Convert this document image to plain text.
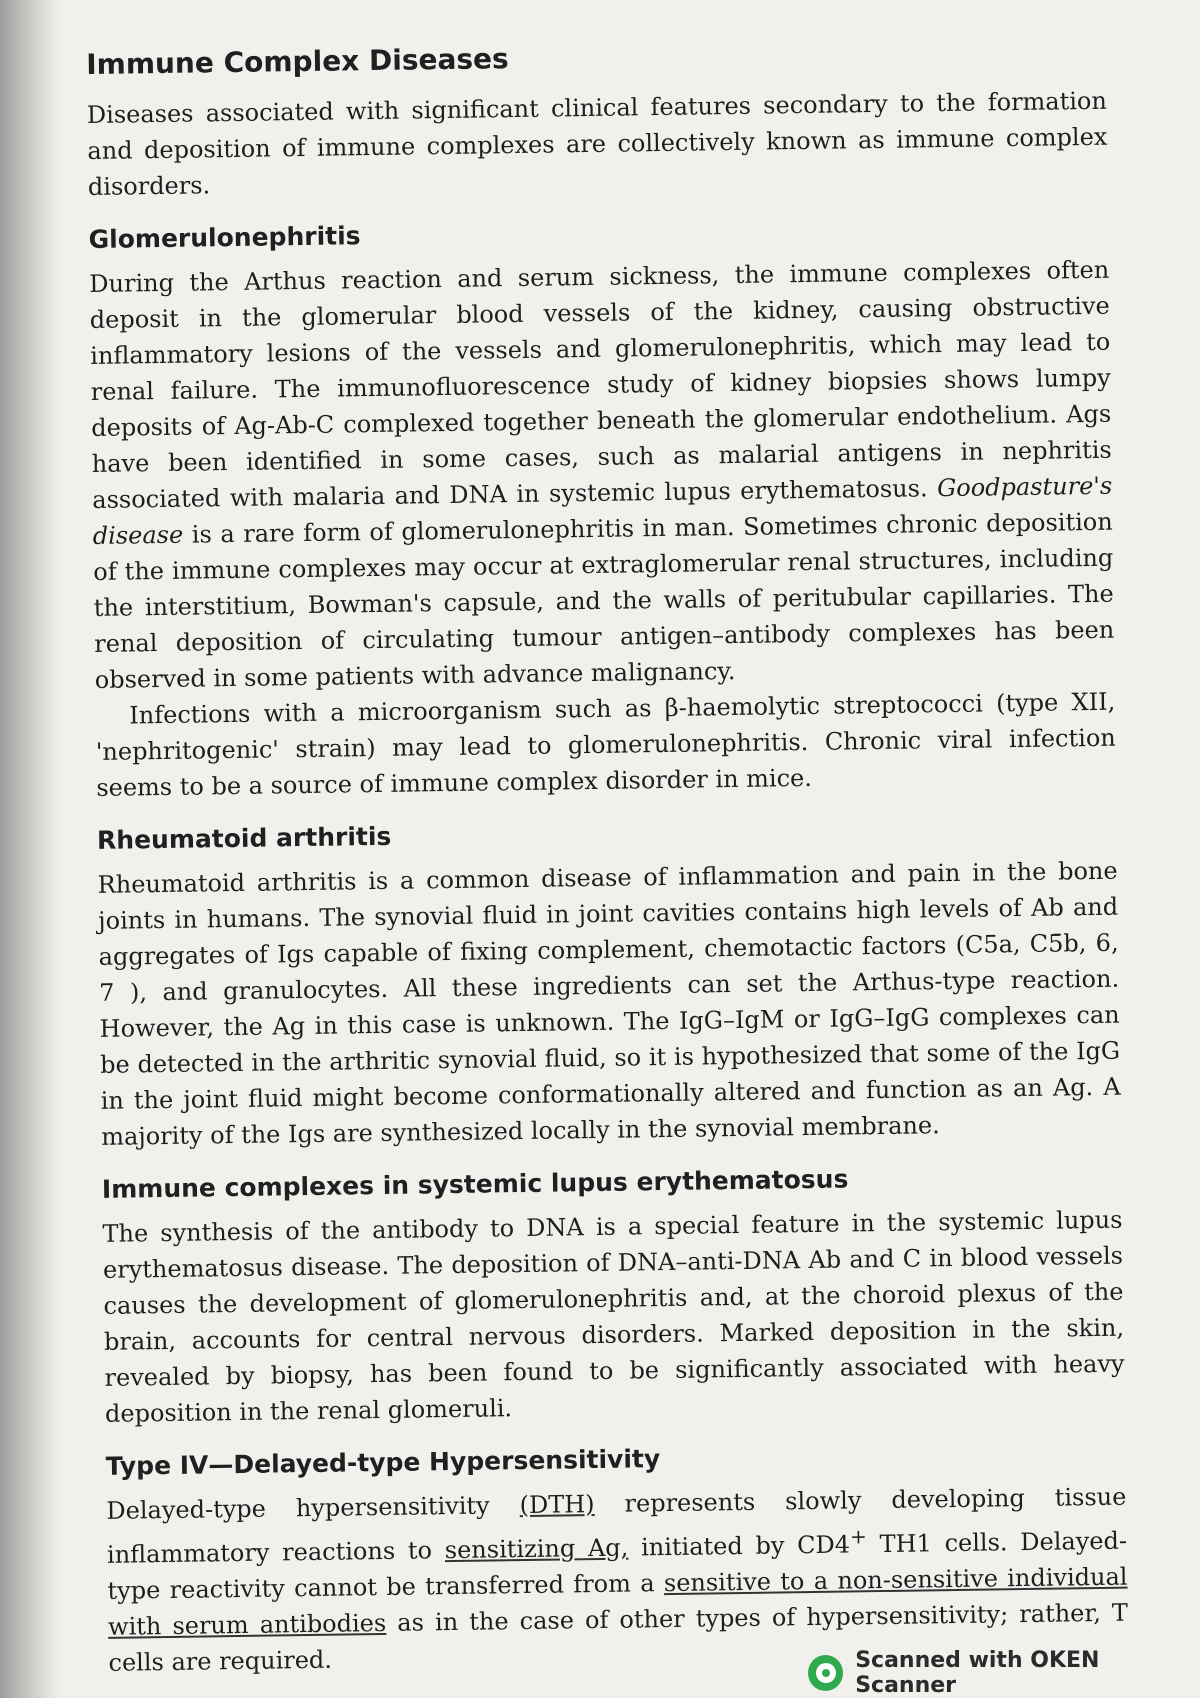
Immune Complex Diseases

Diseases associated with significant clinical features secondary to the formation and deposition of immune complexes are collectively known as immune complex disorders.

Glomerulonephritis

During the Arthus reaction and serum sickness, the immune complexes often deposit in the glomerular blood vessels of the kidney, causing obstructive inflammatory lesions of the vessels and glomerulonephritis, which may lead to renal failure. The immunofluorescence study of kidney biopsies shows lumpy deposits of Ag-Ab-C complexed together beneath the glomerular endothelium. Ags have been identified in some cases, such as malarial antigens in nephritis associated with malaria and DNA in systemic lupus erythematosus. Goodpasture's disease is a rare form of glomerulonephritis in man. Sometimes chronic deposition of the immune complexes may occur at extraglomerular renal structures, including the interstitium, Bowman's capsule, and the walls of peritubular capillaries. The renal deposition of circulating tumour antigen–antibody complexes has been observed in some patients with advance malignancy.

Infections with a microorganism such as β-haemolytic streptococci (type XII, 'nephritogenic' strain) may lead to glomerulonephritis. Chronic viral infection seems to be a source of immune complex disorder in mice.

Rheumatoid arthritis

Rheumatoid arthritis is a common disease of inflammation and pain in the bone joints in humans. The synovial fluid in joint cavities contains high levels of Ab and aggregates of Igs capable of fixing complement, chemotactic factors (C5a, C5̄b, 6, 7 ), and granulocytes. All these ingredients can set the Arthus-type reaction. However, the Ag in this case is unknown. The IgG–IgM or IgG–IgG complexes can be detected in the arthritic synovial fluid, so it is hypothesized that some of the IgG in the joint fluid might become conformationally altered and function as an Ag. A majority of the Igs are synthesized locally in the synovial membrane.

Immune complexes in systemic lupus erythematosus

The synthesis of the antibody to DNA is a special feature in the systemic lupus erythematosus disease. The deposition of DNA–anti-DNA Ab and C in blood vessels causes the development of glomerulonephritis and, at the choroid plexus of the brain, accounts for central nervous disorders. Marked deposition in the skin, revealed by biopsy, has been found to be significantly associated with heavy deposition in the renal glomeruli.

Type IV—Delayed-type Hypersensitivity

Delayed-type hypersensitivity (DTH) represents slowly developing tissue inflammatory reactions to sensitizing Ag, initiated by CD4+ TH1 cells. Delayed-type reactivity cannot be transferred from a sensitive to a non-sensitive individual with serum antibodies as in the case of other types of hypersensitivity; rather, T cells are required.	Scanned with OKEN Scanner
